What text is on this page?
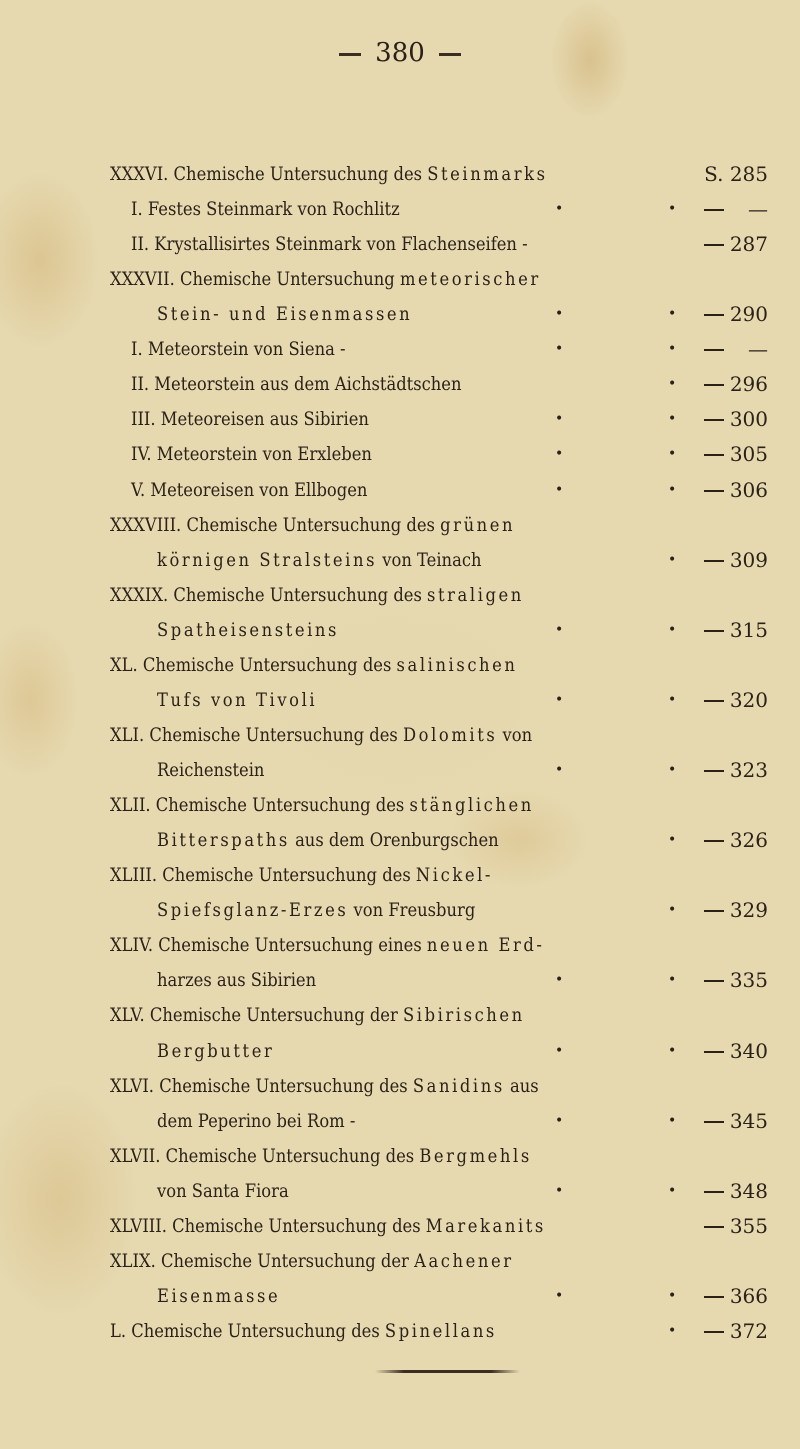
380
XXXVI. Chemische Untersuchung des Steinmarks	S. 285
I. Festes Steinmark von Rochlitz	•	•	—
II. Krystallisirtes Steinmark von Flachenseifen -	287
XXXVII. Chemische Untersuchung meteorischer
Stein- und Eisenmassen	•	•	290
I. Meteorstein von Siena -	•	•	—
II. Meteorstein aus dem Aichstädtschen	•	296
III. Meteoreisen aus Sibirien	•	•	300
IV. Meteorstein von Erxleben	•	•	305
V. Meteoreisen von Ellbogen	•	•	306
XXXVIII. Chemische Untersuchung des grünen
körnigen Stralsteins von Teinach	•	309
XXXIX. Chemische Untersuchung des straligen
Spatheisensteins	•	•	315
XL. Chemische Untersuchung des salinischen
Tufs von Tivoli	•	•	320
XLI. Chemische Untersuchung des Dolomits von
Reichenstein	•	•	323
XLII. Chemische Untersuchung des stänglichen
Bitterspaths aus dem Orenburgschen	•	326
XLIII. Chemische Untersuchung des Nickel-
Spiefsglanz-Erzes von Freusburg	•	329
XLIV. Chemische Untersuchung eines neuen Erd-
harzes aus Sibirien	•	•	335
XLV. Chemische Untersuchung der Sibirischen
Bergbutter	•	•	340
XLVI. Chemische Untersuchung des Sanidins aus
dem Peperino bei Rom -	•	•	345
XLVII. Chemische Untersuchung des Bergmehls
von Santa Fiora	•	•	348
XLVIII. Chemische Untersuchung des Marekanits	355
XLIX. Chemische Untersuchung der Aachener
Eisenmasse	•	•	366
L. Chemische Untersuchung des Spinellans	•	372
